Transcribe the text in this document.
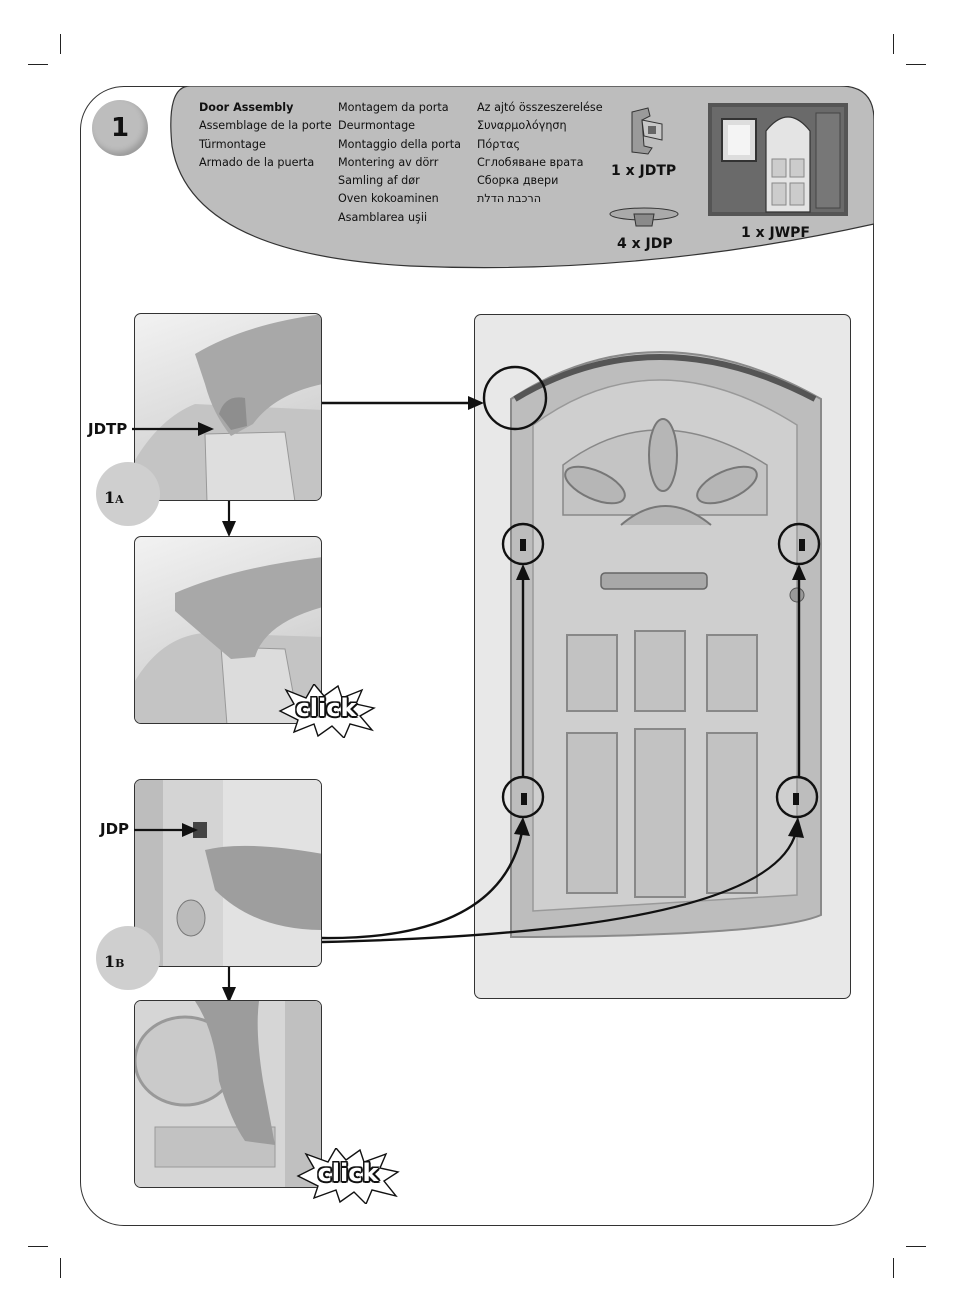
1
Door Assembly
Assemblage de la porte
Türmontage
Armado de la puerta
Montagem da porta
Deurmontage
Montaggio della porta
Montering av dörr
Samling af dør
Oven kokoaminen
Asamblarea uşii
Az ajtó összeszerelése
Συναρμολόγηση
Πόρτας
Сглобяване врата
Сборка двери
הרכבת הדלת
1 x JDTP
4 x JDP
1 x JWPF
JDTP
1A
click
JDP
1B
click
